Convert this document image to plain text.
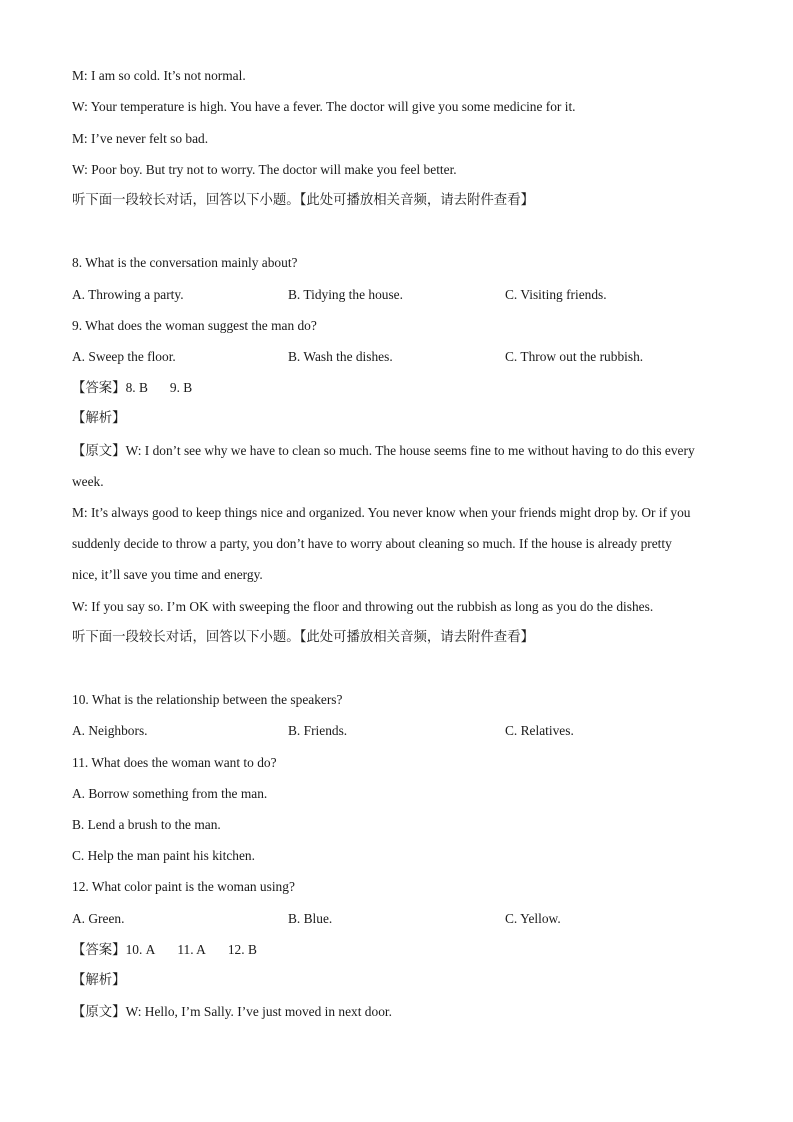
M: I am so cold. It’s not normal.
W: Your temperature is high. You have a fever. The doctor will give you some medicine for it.
M: I’ve never felt so bad.
W: Poor boy. But try not to worry. The doctor will make you feel better.
听下面一段较长对话，回答以下小题。【此处可播放相关音频，请去附件查看】
8. What is the conversation mainly about?
A. Throwing a party.	B. Tidying the house.	C. Visiting friends.
9. What does the woman suggest the man do?
A. Sweep the floor.	B. Wash the dishes.	C. Throw out the rubbish.
【答案】8. B 9. B
【解析】
【原文】W: I don’t see why we have to clean so much. The house seems fine to me without having to do this every
week.
M: It’s always good to keep things nice and organized. You never know when your friends might drop by. Or if you
suddenly decide to throw a party, you don’t have to worry about cleaning so much. If the house is already pretty
nice, it’ll save you time and energy.
W: If you say so. I’m OK with sweeping the floor and throwing out the rubbish as long as you do the dishes.
听下面一段较长对话，回答以下小题。【此处可播放相关音频，请去附件查看】
10. What is the relationship between the speakers?
A. Neighbors.	B. Friends.	C. Relatives.
11. What does the woman want to do?
A. Borrow something from the man.
B. Lend a brush to the man.
C. Help the man paint his kitchen.
12. What color paint is the woman using?
A. Green.	B. Blue.	C. Yellow.
【答案】10. A 11. A 12. B
【解析】
【原文】W: Hello, I’m Sally. I’ve just moved in next door.
